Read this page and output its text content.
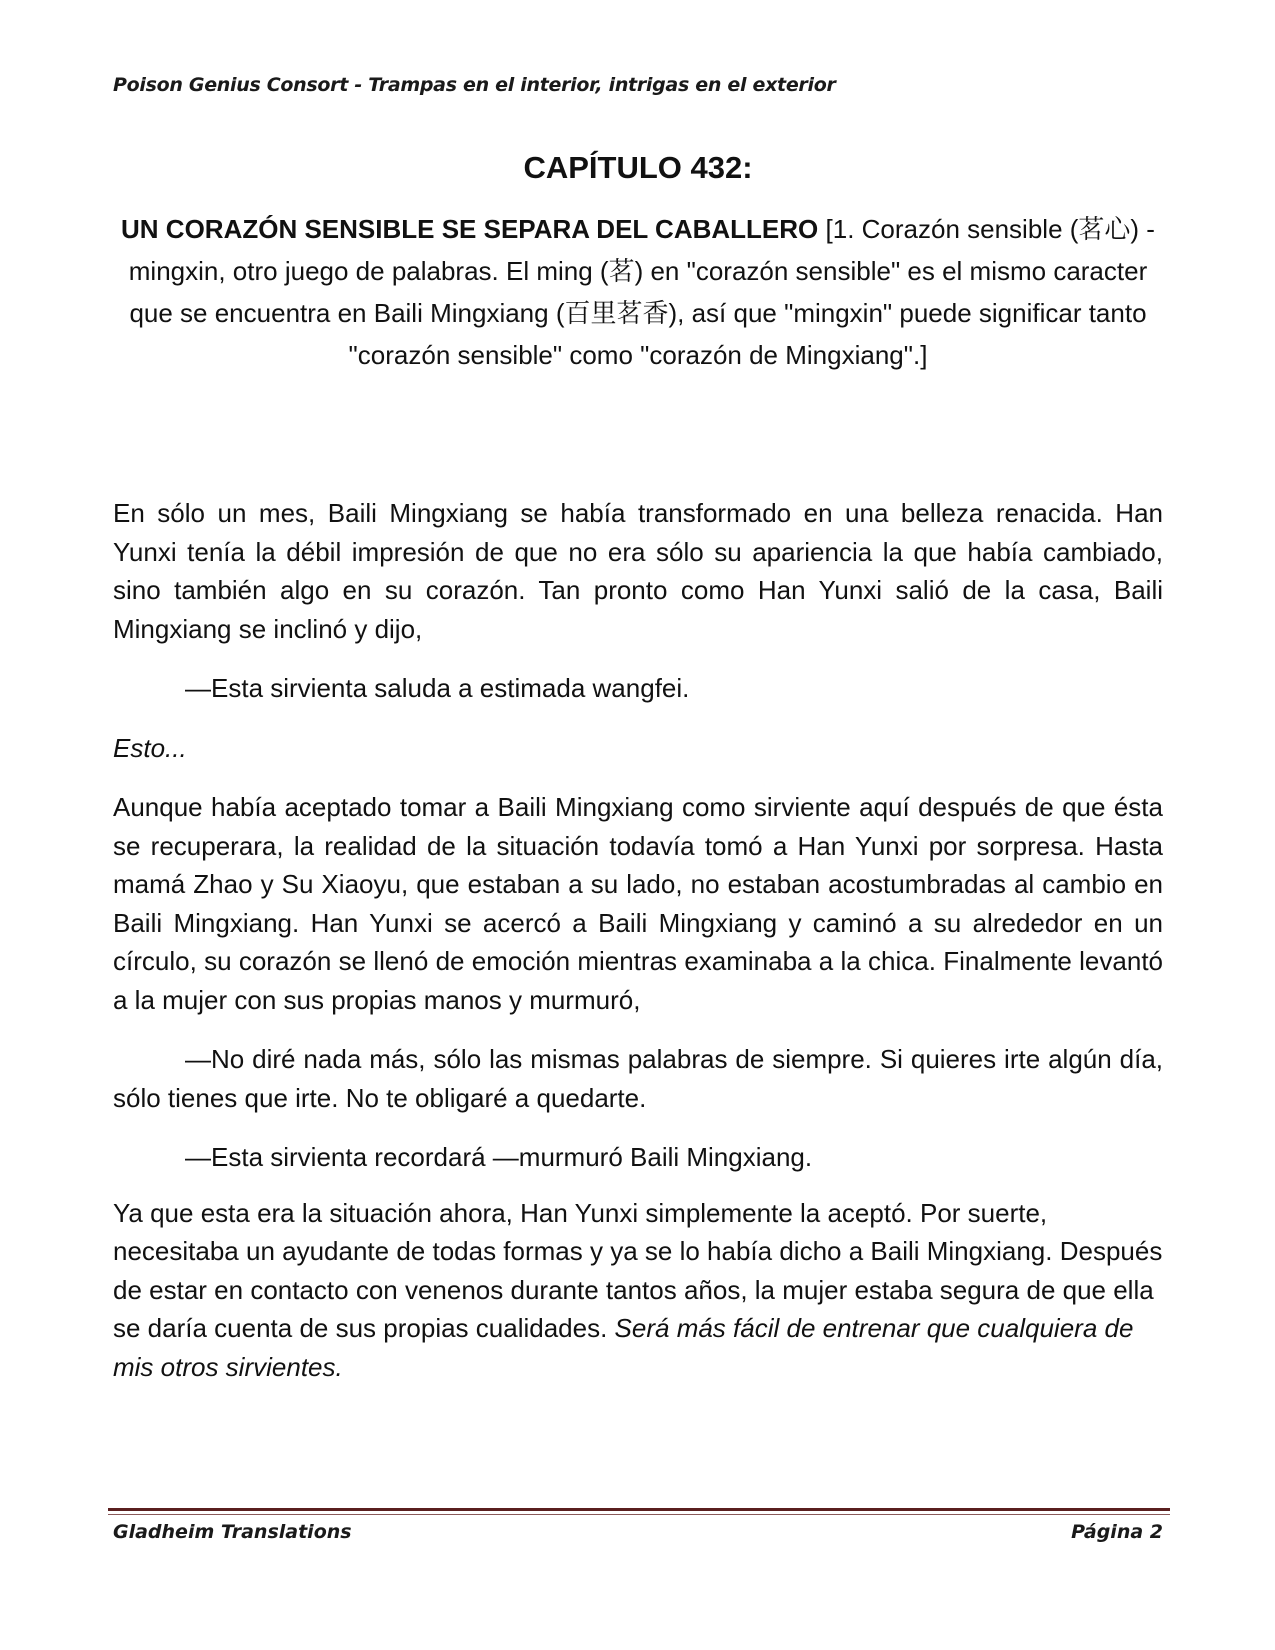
Poison Genius Consort - Trampas en el interior, intrigas en el exterior
CAPÍTULO 432:

UN CORAZÓN SENSIBLE SE SEPARA DEL CABALLERO [1. Corazón sensible (茗心) - mingxin, otro juego de palabras. El ming (茗) en "corazón sensible" es el mismo caracter que se encuentra en Baili Mingxiang (百里茗香), así que "mingxin" puede significar tanto "corazón sensible" como "corazón de Mingxiang".]

En sólo un mes, Baili Mingxiang se había transformado en una belleza renacida. Han Yunxi tenía la débil impresión de que no era sólo su apariencia la que había cambiado, sino también algo en su corazón. Tan pronto como Han Yunxi salió de la casa, Baili Mingxiang se inclinó y dijo,

—Esta sirvienta saluda a estimada wangfei.

Esto...

Aunque había aceptado tomar a Baili Mingxiang como sirviente aquí después de que ésta se recuperara, la realidad de la situación todavía tomó a Han Yunxi por sorpresa. Hasta mamá Zhao y Su Xiaoyu, que estaban a su lado, no estaban acostumbradas al cambio en Baili Mingxiang. Han Yunxi se acercó a Baili Mingxiang y caminó a su alrededor en un círculo, su corazón se llenó de emoción mientras examinaba a la chica. Finalmente levantó a la mujer con sus propias manos y murmuró,

—No diré nada más, sólo las mismas palabras de siempre. Si quieres irte algún día, sólo tienes que irte. No te obligaré a quedarte.

—Esta sirvienta recordará —murmuró Baili Mingxiang.

Ya que esta era la situación ahora, Han Yunxi simplemente la aceptó. Por suerte, necesitaba un ayudante de todas formas y ya se lo había dicho a Baili Mingxiang. Después de estar en contacto con venenos durante tantos años, la mujer estaba segura de que ella se daría cuenta de sus propias cualidades. Será más fácil de entrenar que cualquiera de mis otros sirvientes.

Gladheim Translations	Página 2
